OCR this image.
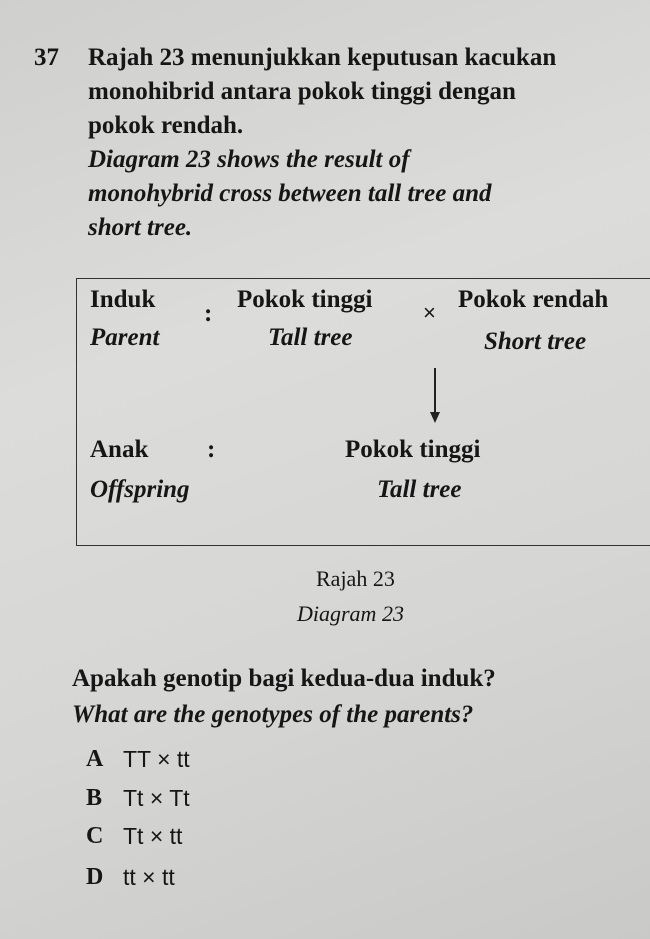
37 Rajah 23 menunjukkan keputusan kacukan
monohibrid antara pokok tinggi dengan
pokok rendah.
Diagram 23 shows the result of
monohybrid cross between tall tree and
short tree.
Induk
Parent
:
Pokok tinggi
Tall tree
× Pokok rendah
Short tree
Anak :
Offspring
Pokok tinggi
Tall tree
Rajah 23
Diagram 23
Apakah genotip bagi kedua-dua induk?
What are the genotypes of the parents?
A TT × tt
B Tt × Tt
C Tt × tt
D tt × tt
